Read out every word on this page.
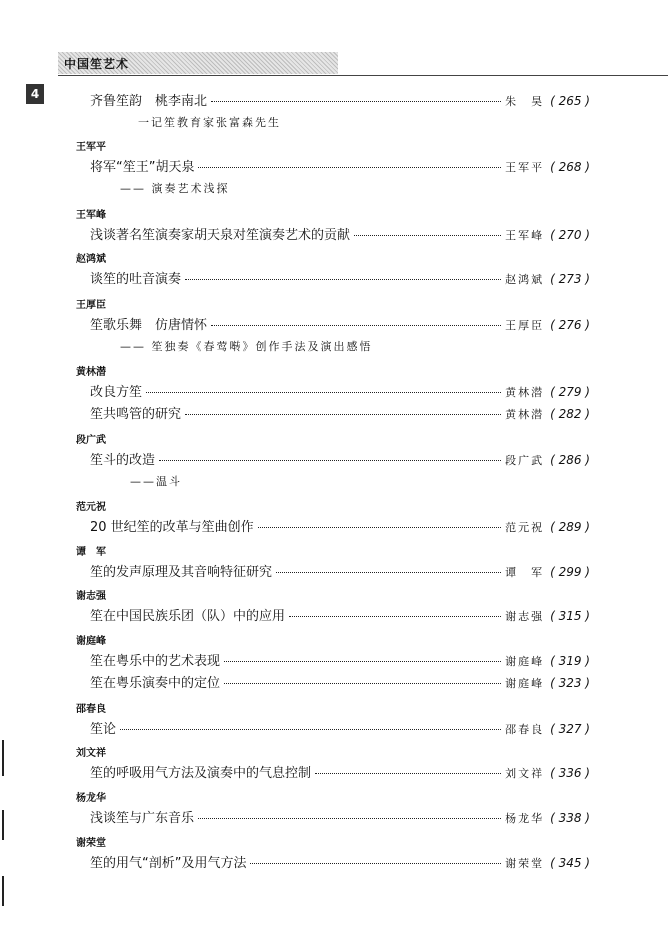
中国笙艺术
4	齐鲁笙韵　桃李南北	朱　昊 ( 265 )
一记笙教育家张富森先生
王军平
将军“笙王”胡天泉	王军平 ( 268 )
—— 演奏艺术浅探
王军峰
浅谈著名笙演奏家胡天泉对笙演奏艺术的贡献	王军峰 ( 270 )
赵鸿斌
谈笙的吐音演奏	赵鸿斌 ( 273 )
王厚臣
笙歌乐舞　仿唐情怀	王厚臣 ( 276 )
—— 笙独奏《春莺啭》创作手法及演出感悟
黄林潜
改良方笙	黄林潜 ( 279 )
笙共鸣管的研究	黄林潜 ( 282 )
段广武
笙斗的改造	段广武 ( 286 )
——温斗
范元祝
20 世纪笙的改革与笙曲创作	范元祝 ( 289 )
谭　军
笙的发声原理及其音响特征研究	谭　军 ( 299 )
谢志强
笙在中国民族乐团（队）中的应用	谢志强 ( 315 )
谢庭峰
笙在粤乐中的艺术表现	谢庭峰 ( 319 )
笙在粤乐演奏中的定位	谢庭峰 ( 323 )
邵春良
笙论	邵春良 ( 327 )
刘文祥
笙的呼吸用气方法及演奏中的气息控制	刘文祥 ( 336 )
杨龙华
浅谈笙与广东音乐	杨龙华 ( 338 )
谢荣堂
笙的用气“剖析”及用气方法	谢荣堂 ( 345 )
